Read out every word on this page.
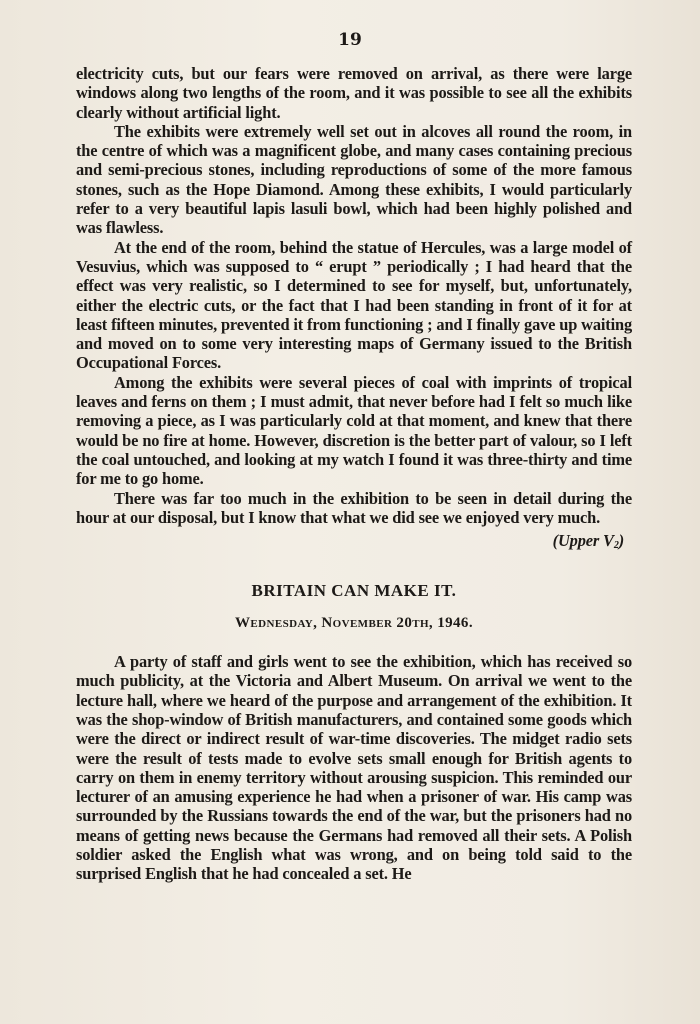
19

electricity cuts, but our fears were removed on arrival, as there were large windows along two lengths of the room, and it was possible to see all the exhibits clearly without artificial light.

The exhibits were extremely well set out in alcoves all round the room, in the centre of which was a magnificent globe, and many cases containing precious and semi-precious stones, including reproductions of some of the more famous stones, such as the Hope Diamond. Among these exhibits, I would particularly refer to a very beautiful lapis lasuli bowl, which had been highly polished and was flawless.

At the end of the room, behind the statue of Hercules, was a large model of Vesuvius, which was supposed to “ erupt ” periodically ; I had heard that the effect was very realistic, so I determined to see for myself, but, unfortunately, either the electric cuts, or the fact that I had been standing in front of it for at least fifteen minutes, prevented it from functioning ; and I finally gave up waiting and moved on to some very interesting maps of Germany issued to the British Occupational Forces.

Among the exhibits were several pieces of coal with imprints of tropical leaves and ferns on them ; I must admit, that never before had I felt so much like removing a piece, as I was particularly cold at that moment, and knew that there would be no fire at home. However, discretion is the better part of valour, so I left the coal untouched, and looking at my watch I found it was three-thirty and time for me to go home.

There was far too much in the exhibition to be seen in detail during the hour at our disposal, but I know that what we did see we enjoyed very much.

(Upper $V_2$)
BRITAIN CAN MAKE IT.
Wednesday, November 20th, 1946.

A party of staff and girls went to see the exhibition, which has received so much publicity, at the Victoria and Albert Museum. On arrival we went to the lecture hall, where we heard of the purpose and arrangement of the exhibition. It was the shop-window of British manufacturers, and contained some goods which were the direct or indirect result of war-time discoveries. The midget radio sets were the result of tests made to evolve sets small enough for British agents to carry on them in enemy territory without arousing suspicion. This reminded our lecturer of an amusing experience he had when a prisoner of war. His camp was surrounded by the Russians towards the end of the war, but the prisoners had no means of getting news because the Germans had removed all their sets. A Polish soldier asked the English what was wrong, and on being told said to the surprised English that he had concealed a set. He
